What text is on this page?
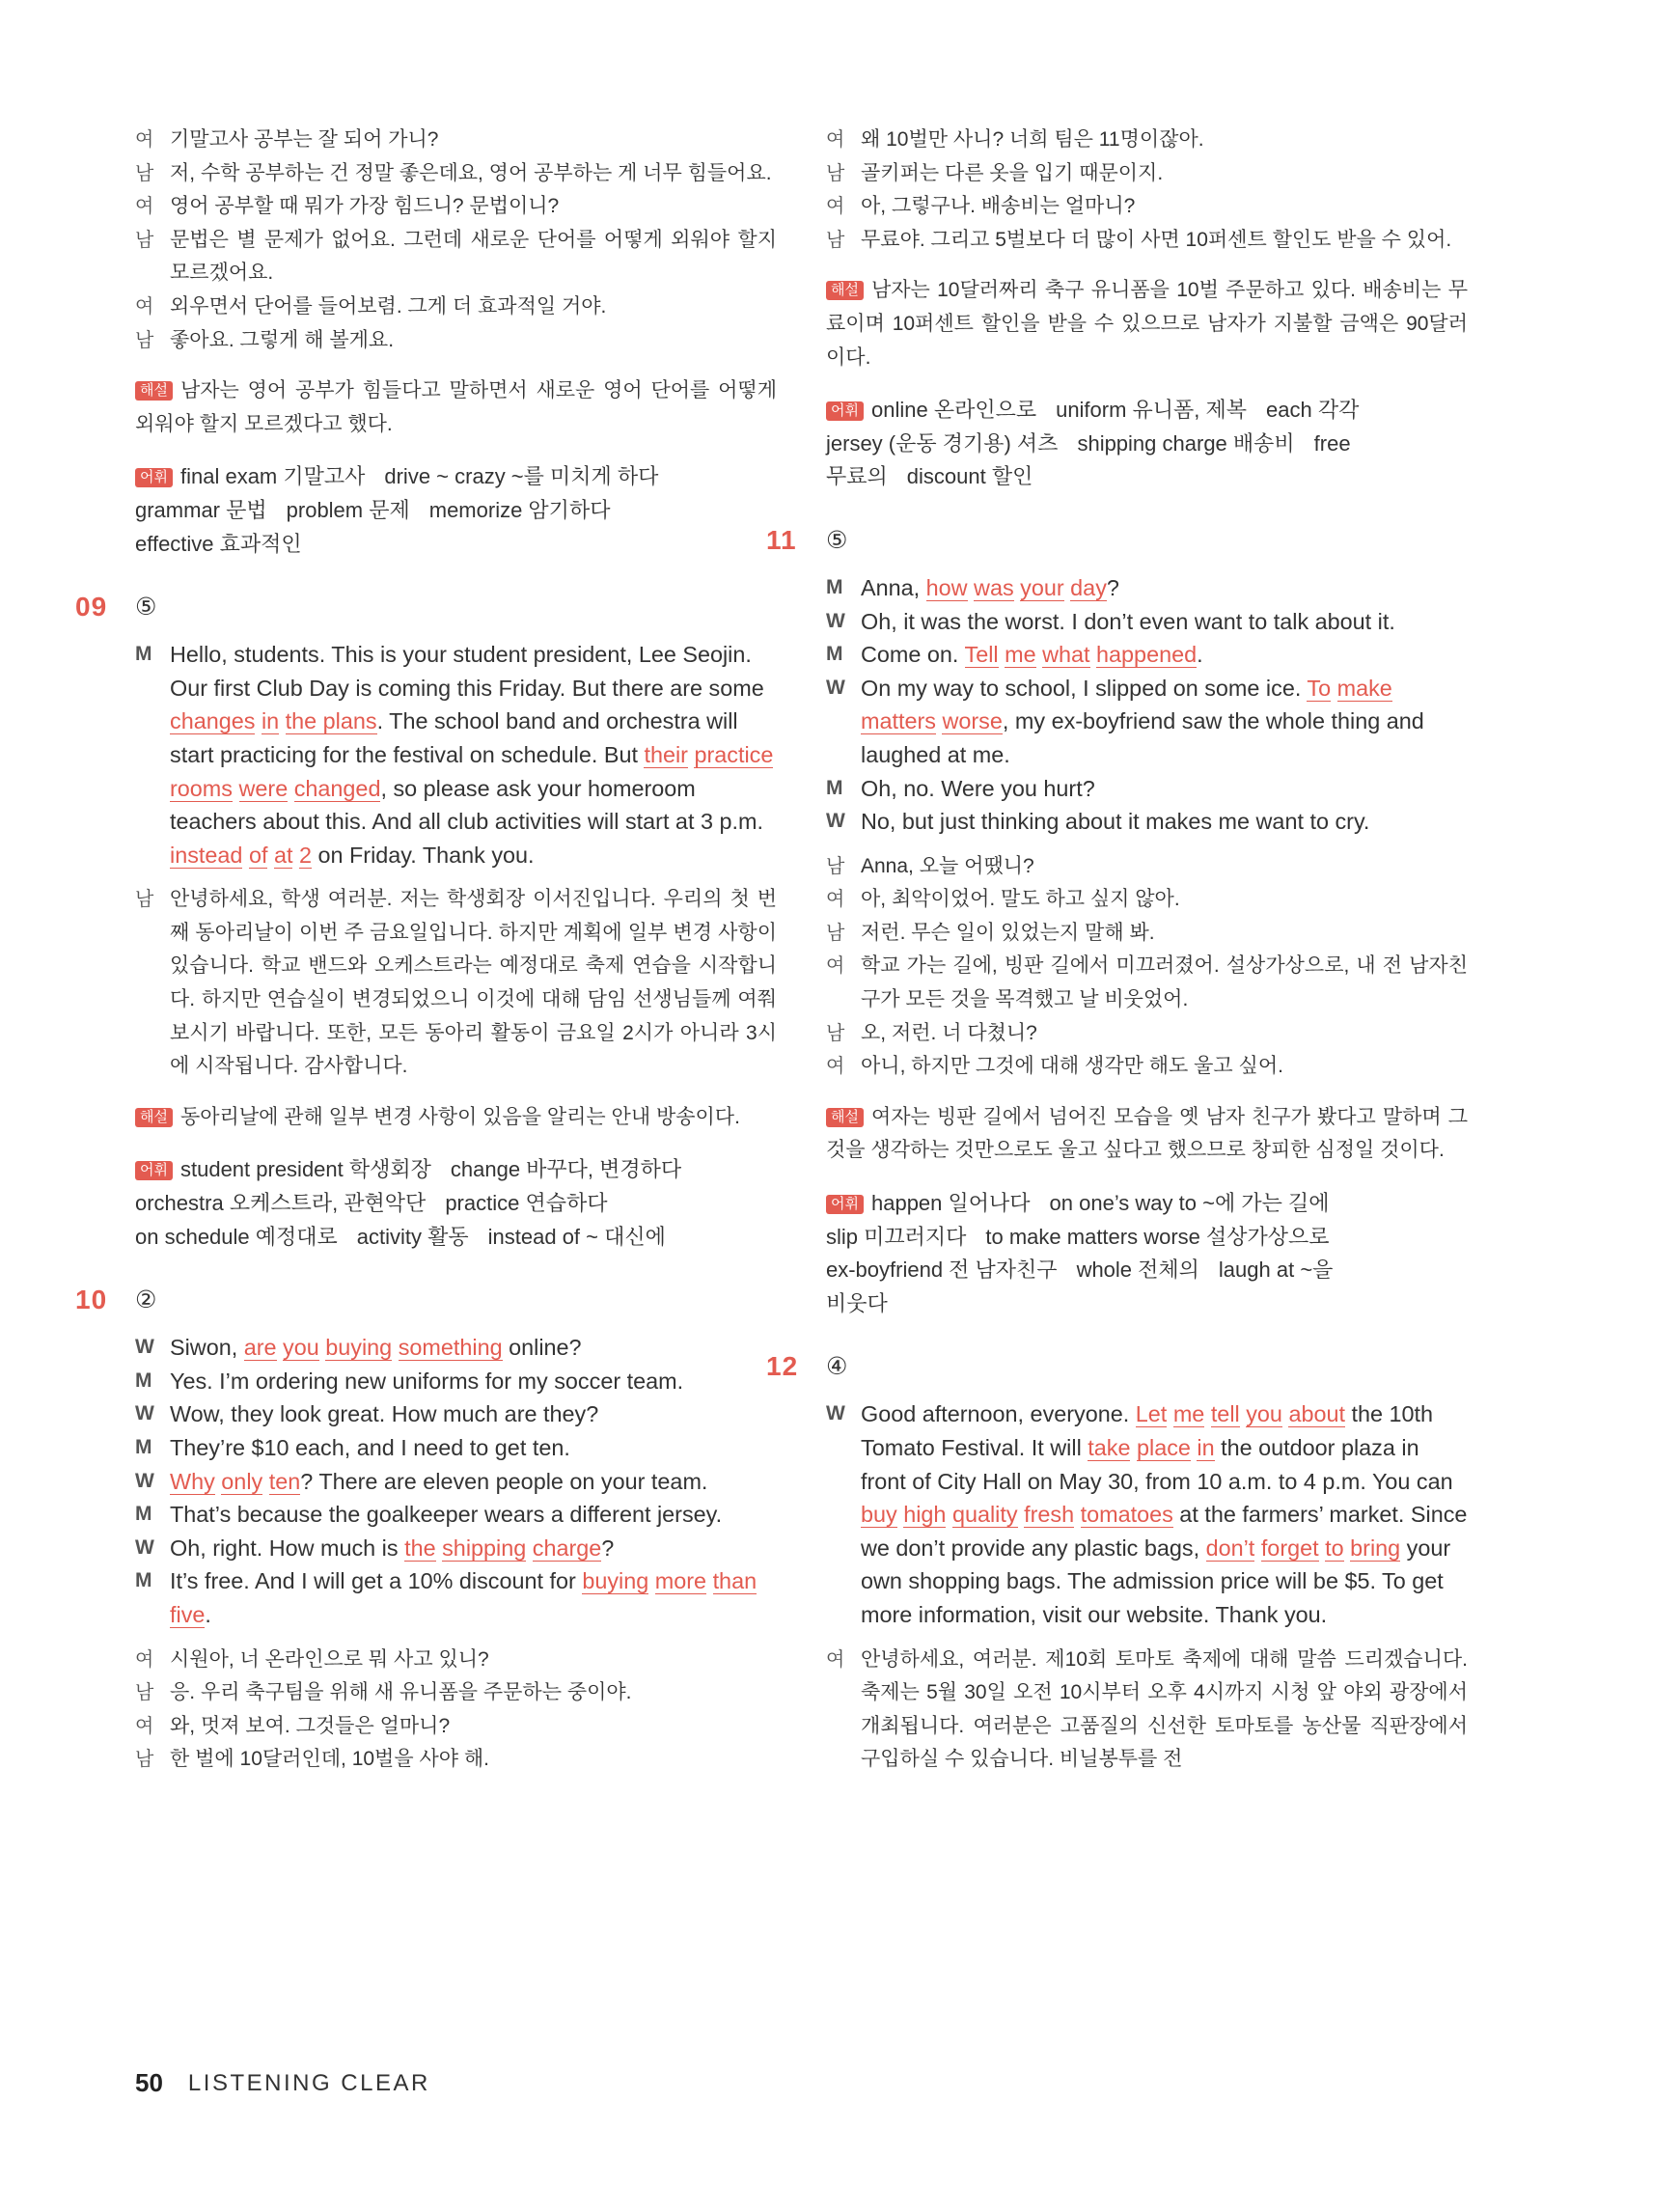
여 기말고사 공부는 잘 되어 가니?
남 저, 수학 공부하는 건 정말 좋은데요, 영어 공부하는 게 너무 힘들어요.
여 영어 공부할 때 뭐가 가장 힘드니? 문법이니?
남 문법은 별 문제가 없어요. 그런데 새로운 단어를 어떻게 외워야 할지 모르겠어요.
여 외우면서 단어를 들어보렴. 그게 더 효과적일 거야.
남 좋아요. 그렇게 해 볼게요.
해설 남자는 영어 공부가 힘들다고 말하면서 새로운 영어 단어를 어떻게 외워야 할지 모르겠다고 했다.
어휘 final exam 기말고사 drive ~ crazy ~를 미치게 하다
grammar 문법 problem 문제 memorize 암기하다
effective 효과적인
09 ⑤
M Hello, students. This is your student president, Lee Seojin. Our first Club Day is coming this Friday. But there are some changes in the plans. The school band and orchestra will start practicing for the festival on schedule. But their practice rooms were changed, so please ask your homeroom teachers about this. And all club activities will start at 3 p.m. instead of at 2 on Friday. Thank you.
남 안녕하세요, 학생 여러분. 저는 학생회장 이서진입니다. 우리의 첫 번째 동아리날이 이번 주 금요일입니다. 하지만 계획에 일부 변경 사항이 있습니다. 학교 밴드와 오케스트라는 예정대로 축제 연습을 시작합니다. 하지만 연습실이 변경되었으니 이것에 대해 담임 선생님들께 여쭤보시기 바랍니다. 또한, 모든 동아리 활동이 금요일 2시가 아니라 3시에 시작됩니다. 감사합니다.
해설 동아리날에 관해 일부 변경 사항이 있음을 알리는 안내 방송이다.
어휘 student president 학생회장 change 바꾸다, 변경하다
orchestra 오케스트라, 관현악단 practice 연습하다
on schedule 예정대로 activity 활동 instead of ~ 대신에
10 ②
W Siwon, are you buying something online?
M Yes. I’m ordering new uniforms for my soccer team.
W Wow, they look great. How much are they?
M They’re $10 each, and I need to get ten.
W Why only ten? There are eleven people on your team.
M That’s because the goalkeeper wears a different jersey.
W Oh, right. How much is the shipping charge?
M It’s free. And I will get a 10% discount for buying more than five.
여 시원아, 너 온라인으로 뭐 사고 있니?
남 응. 우리 축구팀을 위해 새 유니폼을 주문하는 중이야.
여 와, 멋져 보여. 그것들은 얼마니?
남 한 벌에 10달러인데, 10벌을 사야 해.
여 왜 10벌만 사니? 너희 팀은 11명이잖아.
남 골키퍼는 다른 옷을 입기 때문이지.
여 아, 그렇구나. 배송비는 얼마니?
남 무료야. 그리고 5벌보다 더 많이 사면 10퍼센트 할인도 받을 수 있어.
해설 남자는 10달러짜리 축구 유니폼을 10벌 주문하고 있다. 배송비는 무료이며 10퍼센트 할인을 받을 수 있으므로 남자가 지불할 금액은 90달러이다.
어휘 online 온라인으로 uniform 유니폼, 제복 each 각각
jersey (운동 경기용) 셔츠 shipping charge 배송비 free
무료의 discount 할인
11 ⑤
M Anna, how was your day?
W Oh, it was the worst. I don’t even want to talk about it.
M Come on. Tell me what happened.
W On my way to school, I slipped on some ice. To make matters worse, my ex-boyfriend saw the whole thing and laughed at me.
M Oh, no. Were you hurt?
W No, but just thinking about it makes me want to cry.
남 Anna, 오늘 어땠니?
여 아, 최악이었어. 말도 하고 싶지 않아.
남 저런. 무슨 일이 있었는지 말해 봐.
여 학교 가는 길에, 빙판 길에서 미끄러졌어. 설상가상으로, 내 전 남자친구가 모든 것을 목격했고 날 비웃었어.
남 오, 저런. 너 다쳤니?
여 아니, 하지만 그것에 대해 생각만 해도 울고 싶어.
해설 여자는 빙판 길에서 넘어진 모습을 옛 남자 친구가 봤다고 말하며 그것을 생각하는 것만으로도 울고 싶다고 했으므로 창피한 심정일 것이다.
어휘 happen 일어나다 on one’s way to ~에 가는 길에
slip 미끄러지다 to make matters worse 설상가상으로
ex-boyfriend 전 남자친구 whole 전체의 laugh at ~을
비웃다
12 ④
W Good afternoon, everyone. Let me tell you about the 10th Tomato Festival. It will take place in the outdoor plaza in front of City Hall on May 30, from 10 a.m. to 4 p.m. You can buy high quality fresh tomatoes at the farmers’ market. Since we don’t provide any plastic bags, don’t forget to bring your own shopping bags. The admission price will be $5. To get more information, visit our website. Thank you.
여 안녕하세요, 여러분. 제10회 토마토 축제에 대해 말씀 드리겠습니다. 축제는 5월 30일 오전 10시부터 오후 4시까지 시청 앞 야외 광장에서 개최됩니다. 여러분은 고품질의 신선한 토마토를 농산물 직판장에서 구입하실 수 있습니다. 비닐봉투를 전
50 LISTENING CLEAR
